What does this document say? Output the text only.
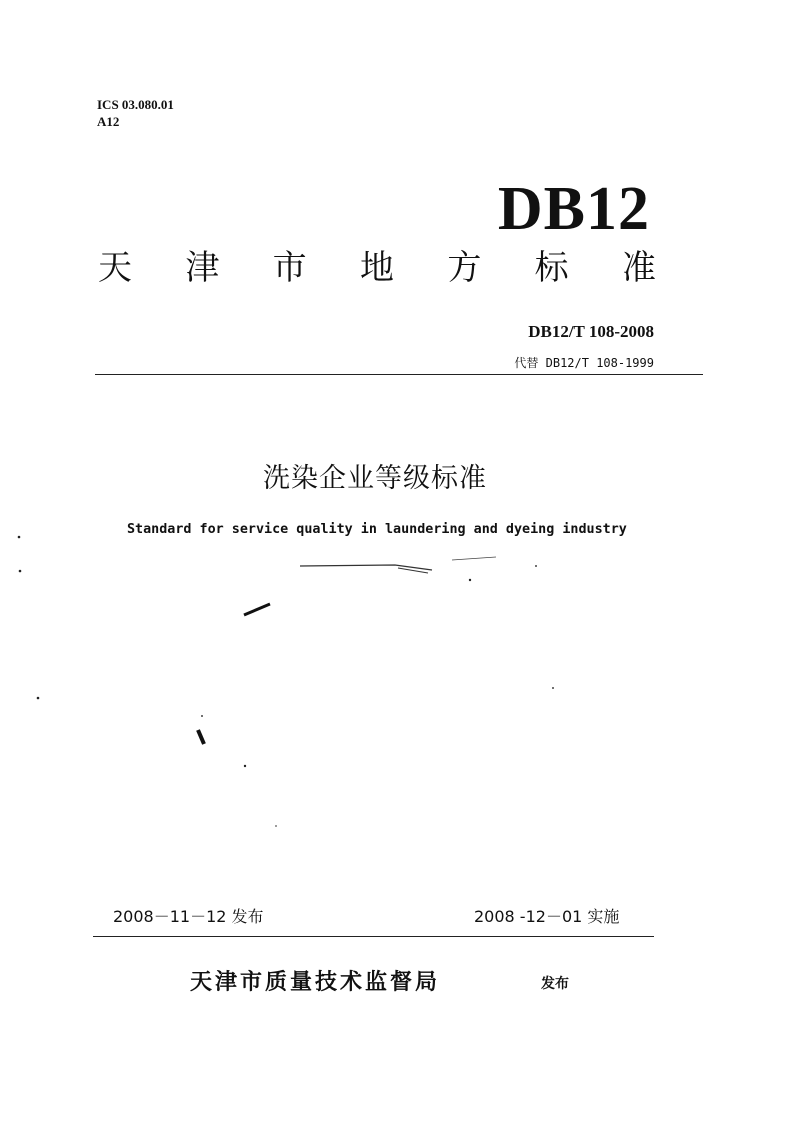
ICS 03.080.01
A12
DB12
天 津 市 地 方 标 准
DB12/T 108-2008
代替 DB12/T 108-1999
洗染企业等级标准
Standard for service quality in laundering and dyeing industry
2008－11－12 发布	2008 -12－01 实施
天津市质量技术监督局	发布
